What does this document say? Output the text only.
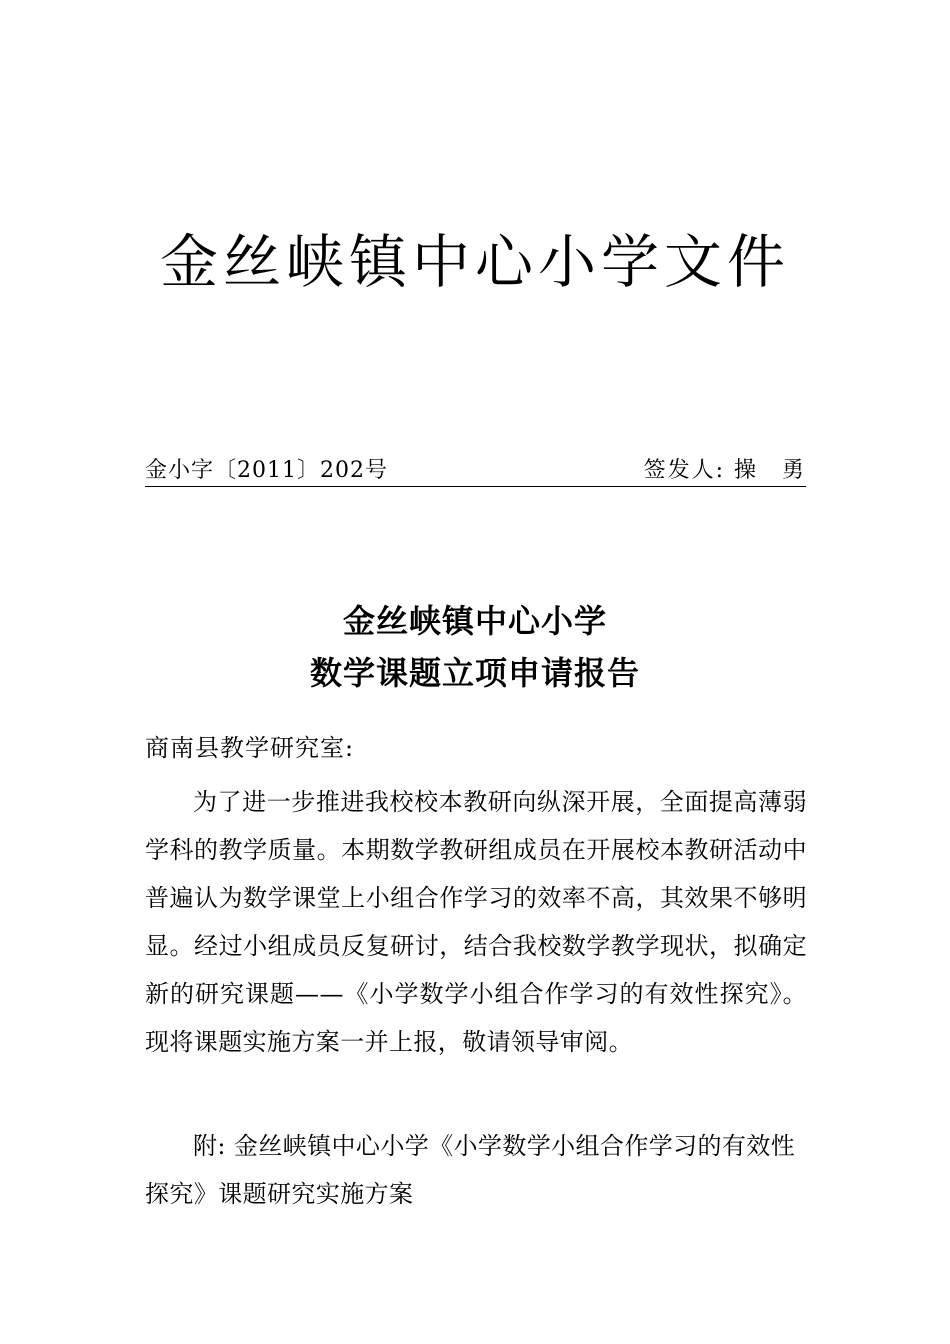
金丝峡镇中心小学文件
金小字〔2011〕202号	签发人: 操　勇
金丝峡镇中心小学
数学课题立项申请报告
商南县教学研究室:

为了进一步推进我校校本教研向纵深开展，全面提高薄弱学科的教学质量。本期数学教研组成员在开展校本教研活动中普遍认为数学课堂上小组合作学习的效率不高，其效果不够明显。经过小组成员反复研讨，结合我校数学教学现状，拟确定新的研究课题——《小学数学小组合作学习的有效性探究》。现将课题实施方案一并上报，敬请领导审阅。

附: 金丝峡镇中心小学《小学数学小组合作学习的有效性探究》课题研究实施方案
